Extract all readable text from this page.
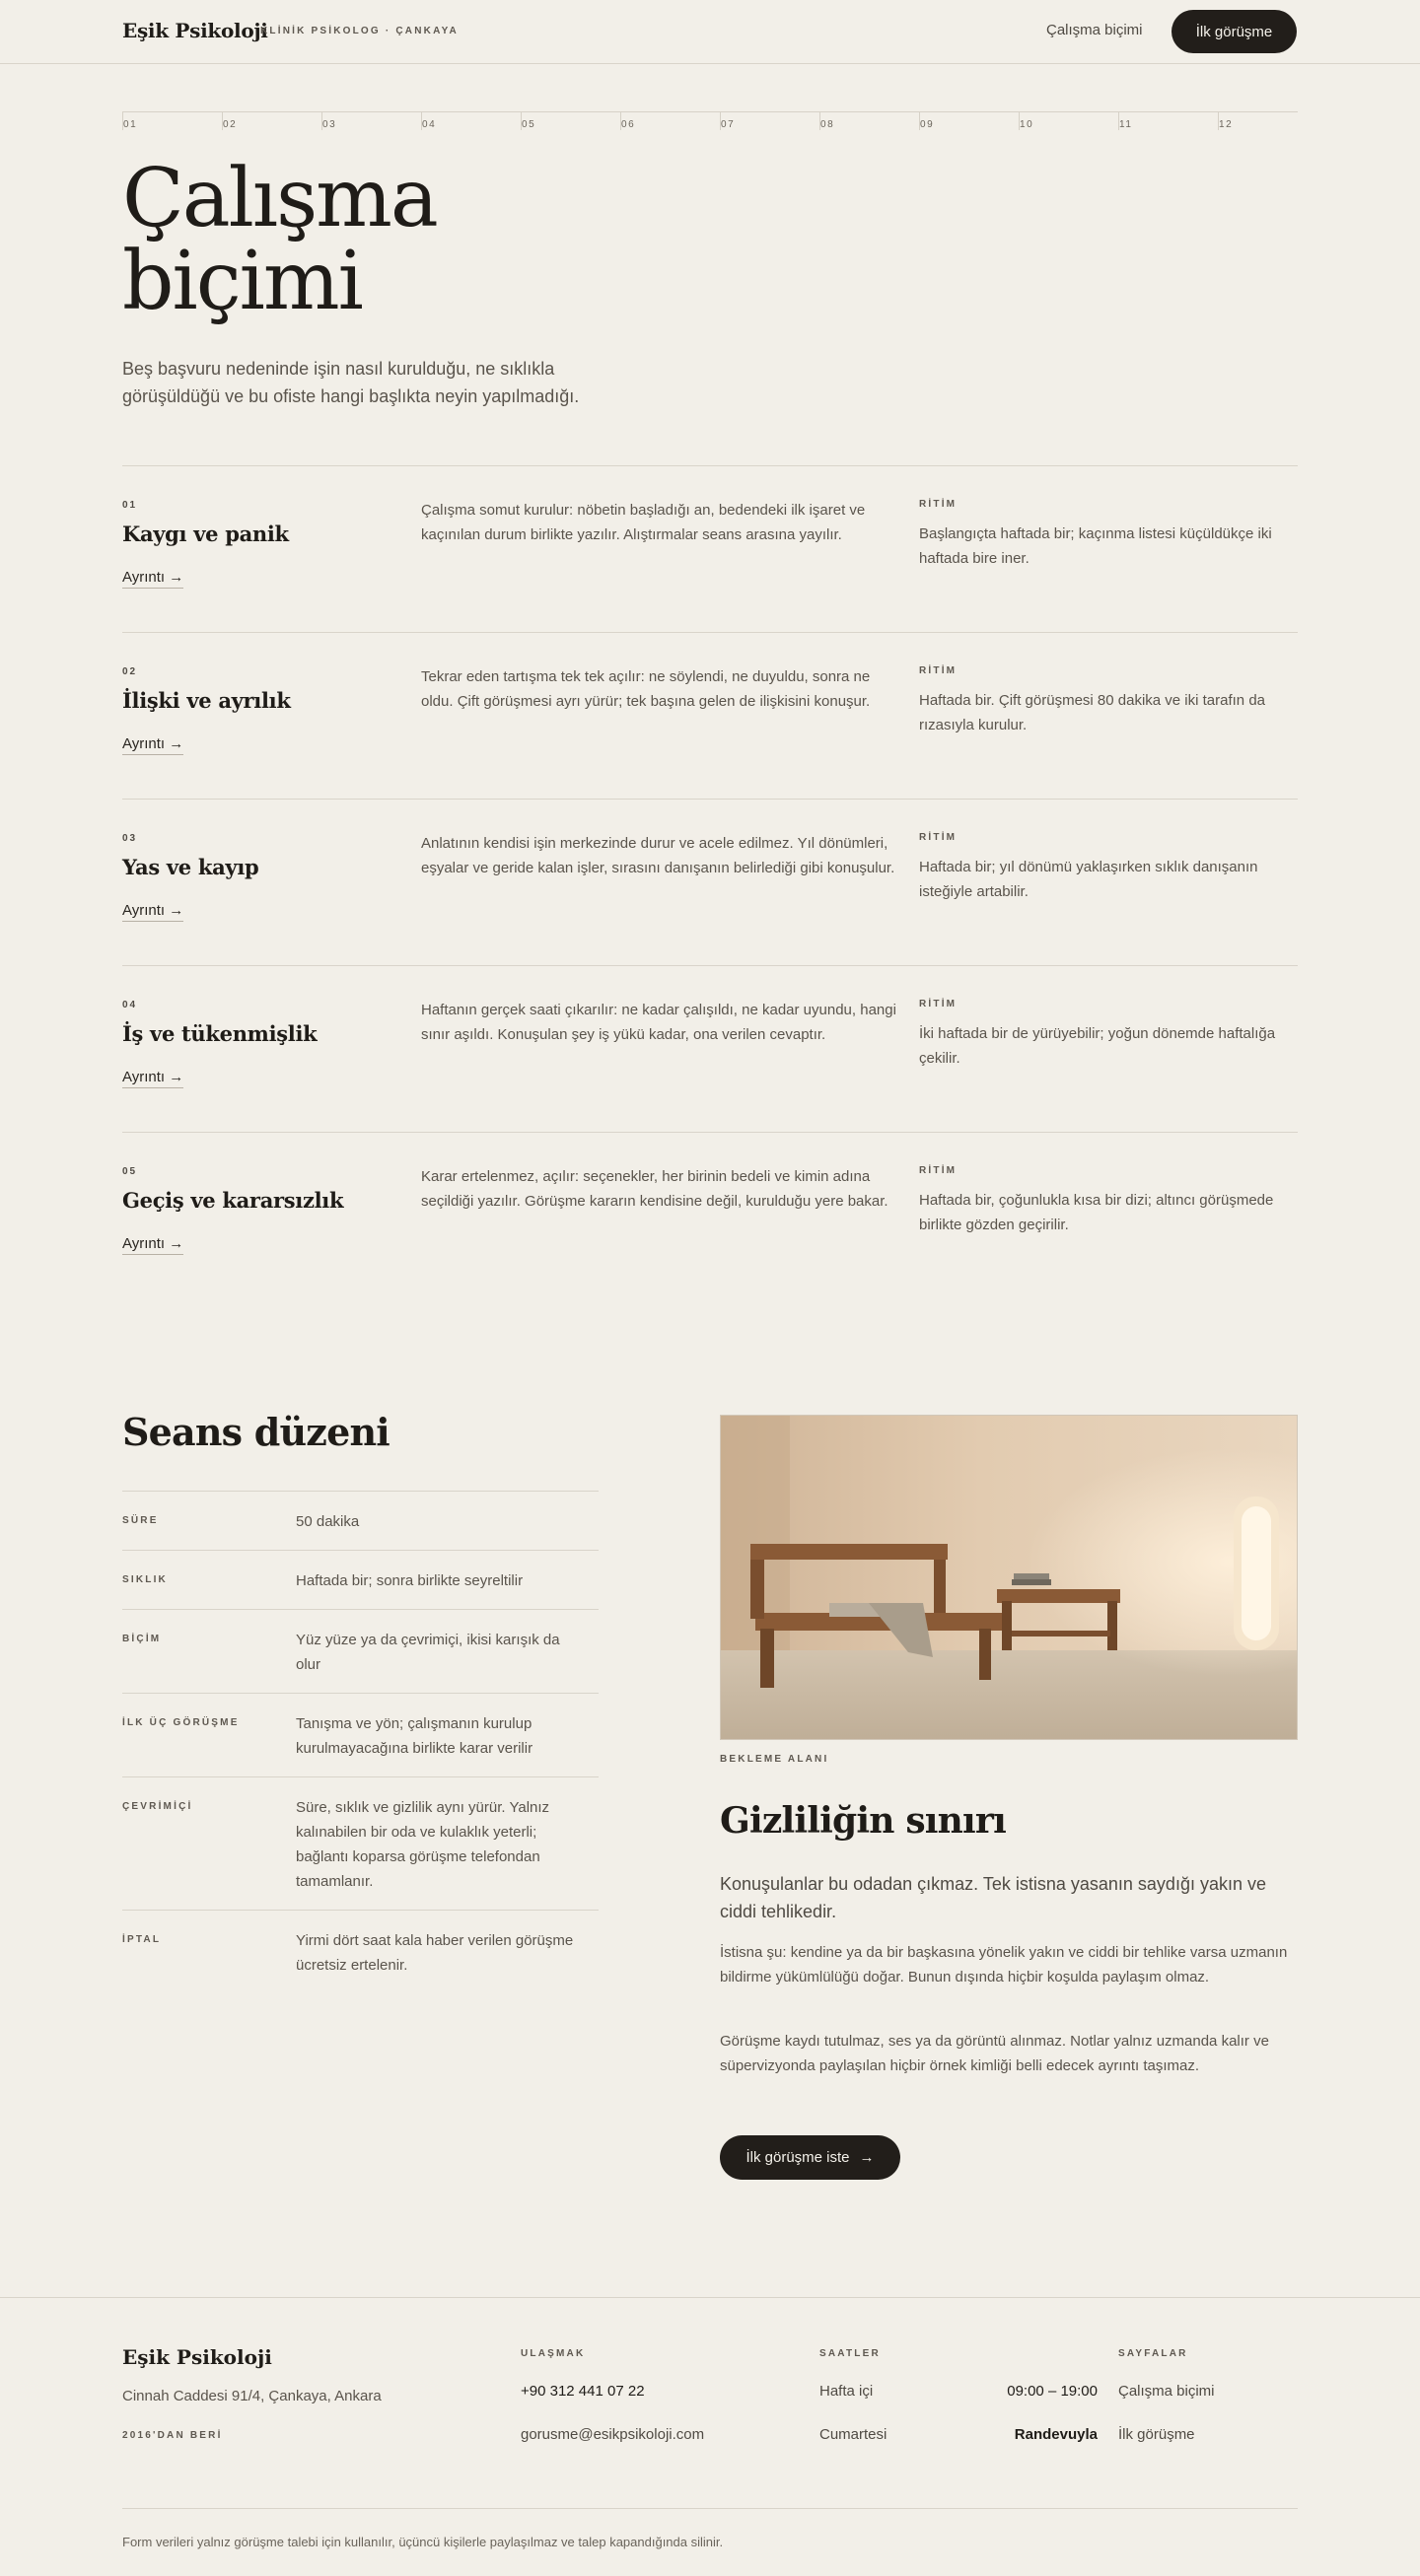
Eşik Psikoloji
KLİNİK PSİKOLOG · ÇANKAYA	Çalışma biçimi	İlk görüşme
01	02	03	04	05	06	07	08	09	10	11	12
Çalışma
biçimi

Beş başvuru nedeninde işin nasıl kurulduğu, ne sıklıkla görüşüldüğü ve bu ofiste hangi başlıkta neyin yapılmadığı.

01
Kaygı ve panik
Ayrıntı →
Çalışma somut kurulur: nöbetin başladığı an, bedendeki ilk işaret ve kaçınılan durum birlikte yazılır. Alıştırmalar seans arasına yayılır.
RİTİM
Başlangıçta haftada bir; kaçınma listesi küçüldükçe iki haftada bire iner.
02
İlişki ve ayrılık
Ayrıntı →
Tekrar eden tartışma tek tek açılır: ne söylendi, ne duyuldu, sonra ne oldu. Çift görüşmesi ayrı yürür; tek başına gelen de ilişkisini konuşur.
RİTİM
Haftada bir. Çift görüşmesi 80 dakika ve iki tarafın da rızasıyla kurulur.
03
Yas ve kayıp
Ayrıntı →
Anlatının kendisi işin merkezinde durur ve acele edilmez. Yıl dönümleri, eşyalar ve geride kalan işler, sırasını danışanın belirlediği gibi konuşulur.
RİTİM
Haftada bir; yıl dönümü yaklaşırken sıklık danışanın isteğiyle artabilir.
04
İş ve tükenmişlik
Ayrıntı →
Haftanın gerçek saati çıkarılır: ne kadar çalışıldı, ne kadar uyundu, hangi sınır aşıldı. Konuşulan şey iş yükü kadar, ona verilen cevaptır.
RİTİM
İki haftada bir de yürüyebilir; yoğun dönemde haftalığa çekilir.
05
Geçiş ve kararsızlık
Ayrıntı →
Karar ertelenmez, açılır: seçenekler, her birinin bedeli ve kimin adına seçildiği yazılır. Görüşme kararın kendisine değil, kurulduğu yere bakar.
RİTİM
Haftada bir, çoğunlukla kısa bir dizi; altıncı görüşmede birlikte gözden geçirilir.
Seans düzeni
SÜRE	50 dakika
SIKLIK	Haftada bir; sonra birlikte seyreltilir
BİÇİM	Yüz yüze ya da çevrimiçi, ikisi karışık da olur
İLK ÜÇ GÖRÜŞME	Tanışma ve yön; çalışmanın kurulup kurulmayacağına birlikte karar verilir
ÇEVRİMİÇİ	Süre, sıklık ve gizlilik aynı yürür. Yalnız kalınabilen bir oda ve kulaklık yeterli; bağlantı koparsa görüşme telefondan tamamlanır.
İPTAL	Yirmi dört saat kala haber verilen görüşme ücretsiz ertelenir.
BEKLEME ALANI
Gizliliğin sınırı

Konuşulanlar bu odadan çıkmaz. Tek istisna yasanın saydığı yakın ve ciddi tehlikedir.

İstisna şu: kendine ya da bir başkasına yönelik yakın ve ciddi bir tehlike varsa uzmanın bildirme yükümlülüğü doğar. Bunun dışında hiçbir koşulda paylaşım olmaz.

Görüşme kaydı tutulmaz, ses ya da görüntü alınmaz. Notlar yalnız uzmanda kalır ve süpervizyonda paylaşılan hiçbir örnek kimliği belli edecek ayrıntı taşımaz.

İlk görüşme iste →
Eşik Psikoloji
Cinnah Caddesi 91/4, Çankaya, Ankara
2016'DAN BERİ
ULAŞMAK
+90 312 441 07 22
gorusme@esikpsikoloji.com
SAATLER
Hafta içi	09:00 – 19:00
Cumartesi	Randevuyla
SAYFALAR
Çalışma biçimi
İlk görüşme
Form verileri yalnız görüşme talebi için kullanılır, üçüncü kişilerle paylaşılmaz ve talep kapandığında silinir.
